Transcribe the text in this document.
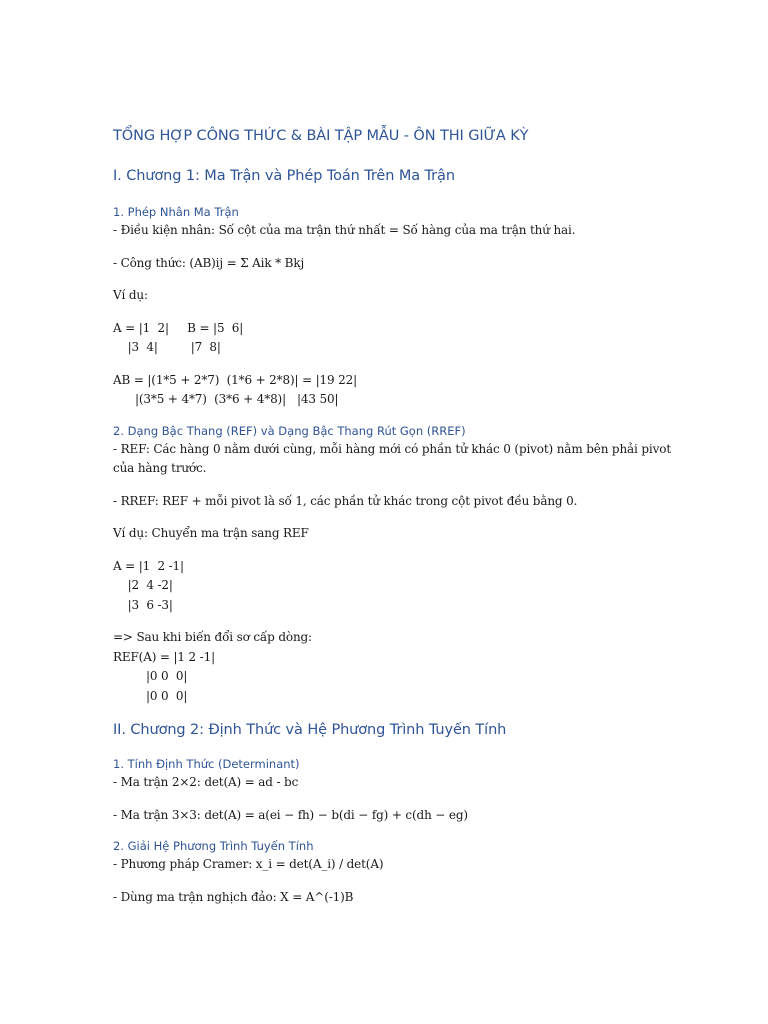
TỔNG HỢP CÔNG THỨC & BÀI TẬP MẪU - ÔN THI GIỮA KỲ
I. Chương 1: Ma Trận và Phép Toán Trên Ma Trận
1. Phép Nhân Ma Trận

- Điều kiện nhân: Số cột của ma trận thứ nhất = Số hàng của ma trận thứ hai.

- Công thức: (AB)ij = Σ Aik * Bkj

Ví dụ:

A = |1  2|     B = |5  6|
|3  4|         |7  8|

AB = |(1*5 + 2*7)  (1*6 + 2*8)| = |19 22|
|(3*5 + 4*7)  (3*6 + 4*8)|   |43 50|

2. Dạng Bậc Thang (REF) và Dạng Bậc Thang Rút Gọn (RREF)

- REF: Các hàng 0 nằm dưới cùng, mỗi hàng mới có phần tử khác 0 (pivot) nằm bên phải pivot của hàng trước.

- RREF: REF + mỗi pivot là số 1, các phần tử khác trong cột pivot đều bằng 0.

Ví dụ: Chuyển ma trận sang REF

A = |1  2 -1|
|2  4 -2|
|3  6 -3|

=> Sau khi biến đổi sơ cấp dòng:

REF(A) = |1 2 -1|
|0 0  0|
|0 0  0|

II. Chương 2: Định Thức và Hệ Phương Trình Tuyến Tính
1. Tính Định Thức (Determinant)

- Ma trận 2×2: det(A) = ad - bc

- Ma trận 3×3: det(A) = a(ei − fh) − b(di − fg) + c(dh − eg)

2. Giải Hệ Phương Trình Tuyến Tính

- Phương pháp Cramer: x_i = det(A_i) / det(A)

- Dùng ma trận nghịch đảo: X = A^(-1)B
